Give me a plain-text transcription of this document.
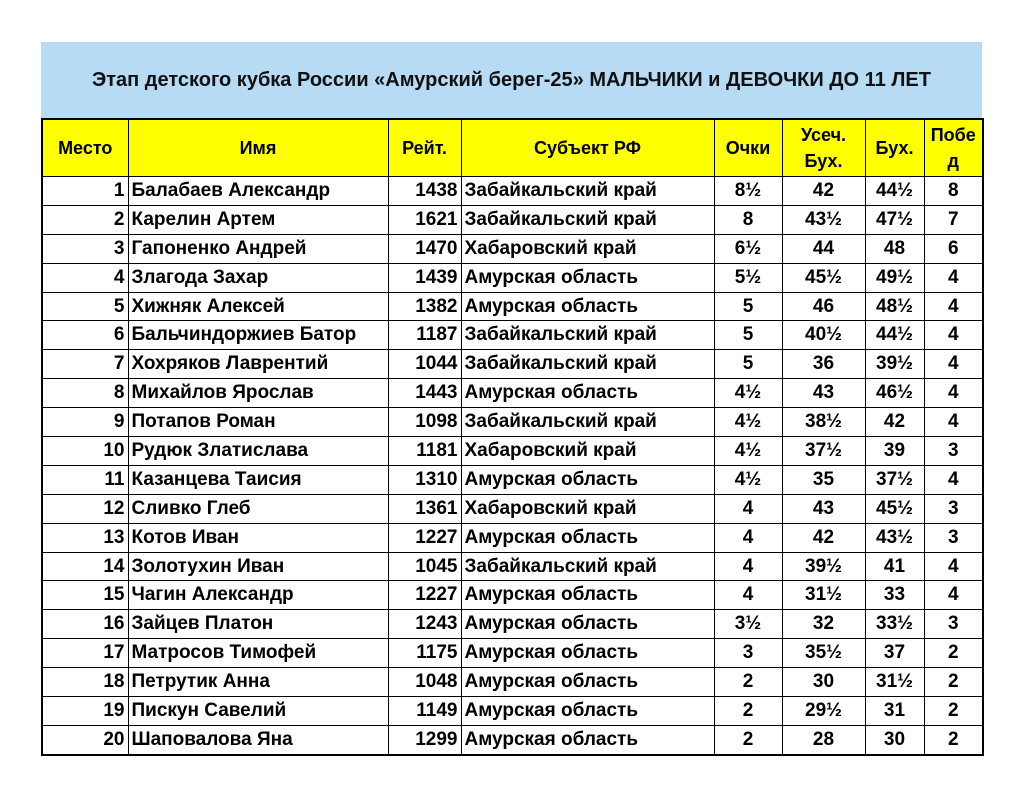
Этап детского кубка России «Амурский берег-25» МАЛЬЧИКИ и ДЕВОЧКИ ДО 11 ЛЕТ
Место	Имя	Рейт.	Субъект РФ	Очки	Усеч. Бух.	Бух.	Побед
1	Балабаев Александр	1438	Забайкальский край	8½	42	44½	8
2	Карелин Артем	1621	Забайкальский край	8	43½	47½	7
3	Гапоненко Андрей	1470	Хабаровский край	6½	44	48	6
4	Злагода Захар	1439	Амурская область	5½	45½	49½	4
5	Хижняк Алексей	1382	Амурская область	5	46	48½	4
6	Бальчиндоржиев Батор	1187	Забайкальский край	5	40½	44½	4
7	Хохряков Лаврентий	1044	Забайкальский край	5	36	39½	4
8	Михайлов Ярослав	1443	Амурская область	4½	43	46½	4
9	Потапов Роман	1098	Забайкальский край	4½	38½	42	4
10	Рудюк Златислава	1181	Хабаровский край	4½	37½	39	3
11	Казанцева Таисия	1310	Амурская область	4½	35	37½	4
12	Сливко Глеб	1361	Хабаровский край	4	43	45½	3
13	Котов Иван	1227	Амурская область	4	42	43½	3
14	Золотухин Иван	1045	Забайкальский край	4	39½	41	4
15	Чагин Александр	1227	Амурская область	4	31½	33	4
16	Зайцев Платон	1243	Амурская область	3½	32	33½	3
17	Матросов Тимофей	1175	Амурская область	3	35½	37	2
18	Петрутик Анна	1048	Амурская область	2	30	31½	2
19	Пискун Савелий	1149	Амурская область	2	29½	31	2
20	Шаповалова Яна	1299	Амурская область	2	28	30	2
